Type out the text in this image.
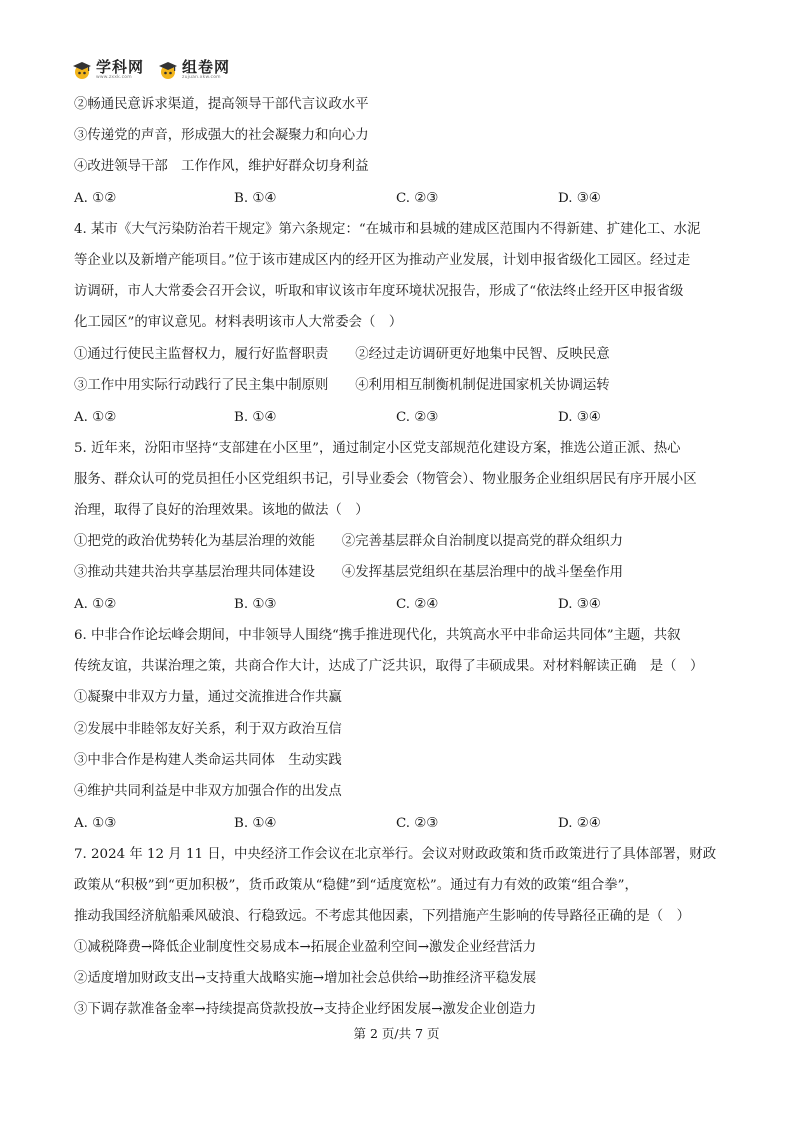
学科网
www.zxxk.com
组卷网
zujuan.xkw.com
②畅通民意诉求渠道，提高领导干部代言议政水平
③传递党的声音，形成强大的社会凝聚力和向心力
④改进领导干部　工作作风，维护好群众切身利益
A. ①②	B. ①④	C. ②③	D. ③④
4. 某市《大气污染防治若干规定》第六条规定：“在城市和县城的建成区范围内不得新建、扩建化工、水泥
等企业以及新增产能项目。”位于该市建成区内的经开区为推动产业发展，计划申报省级化工园区。经过走
访调研，市人大常委会召开会议，听取和审议该市年度环境状况报告，形成了“依法终止经开区申报省级
化工园区”的审议意见。材料表明该市人大常委会（　）
①通过行使民主监督权力，履行好监督职责　　②经过走访调研更好地集中民智、反映民意
③工作中用实际行动践行了民主集中制原则　　④利用相互制衡机制促进国家机关协调运转
A. ①②	B. ①④	C. ②③	D. ③④
5. 近年来，汾阳市坚持“支部建在小区里”，通过制定小区党支部规范化建设方案，推选公道正派、热心
服务、群众认可的党员担任小区党组织书记，引导业委会（物管会）、物业服务企业组织居民有序开展小区
治理，取得了良好的治理效果。该地的做法（　）
①把党的政治优势转化为基层治理的效能　　②完善基层群众自治制度以提高党的群众组织力
③推动共建共治共享基层治理共同体建设　　④发挥基层党组织在基层治理中的战斗堡垒作用
A. ①②	B. ①③	C. ②④	D. ③④
6. 中非合作论坛峰会期间，中非领导人围绕“携手推进现代化，共筑高水平中非命运共同体”主题，共叙
传统友谊，共谋治理之策，共商合作大计，达成了广泛共识，取得了丰硕成果。对材料解读正确　是（　）
①凝聚中非双方力量，通过交流推进合作共赢
②发展中非睦邻友好关系，利于双方政治互信
③中非合作是构建人类命运共同体　生动实践
④维护共同利益是中非双方加强合作的出发点
A. ①③	B. ①④	C. ②③	D. ②④
7. 2024 年 12 月 11 日，中央经济工作会议在北京举行。会议对财政政策和货币政策进行了具体部署，财政
政策从“积极”到“更加积极”，货币政策从“稳健”到“适度宽松”。通过有力有效的政策“组合拳”，
推动我国经济航船乘风破浪、行稳致远。不考虑其他因素，下列措施产生影响的传导路径正确的是（　）
①减税降费→降低企业制度性交易成本→拓展企业盈利空间→激发企业经营活力
②适度增加财政支出→支持重大战略实施→增加社会总供给→助推经济平稳发展
③下调存款准备金率→持续提高贷款投放→支持企业纾困发展→激发企业创造力
第 2 页/共 7 页
